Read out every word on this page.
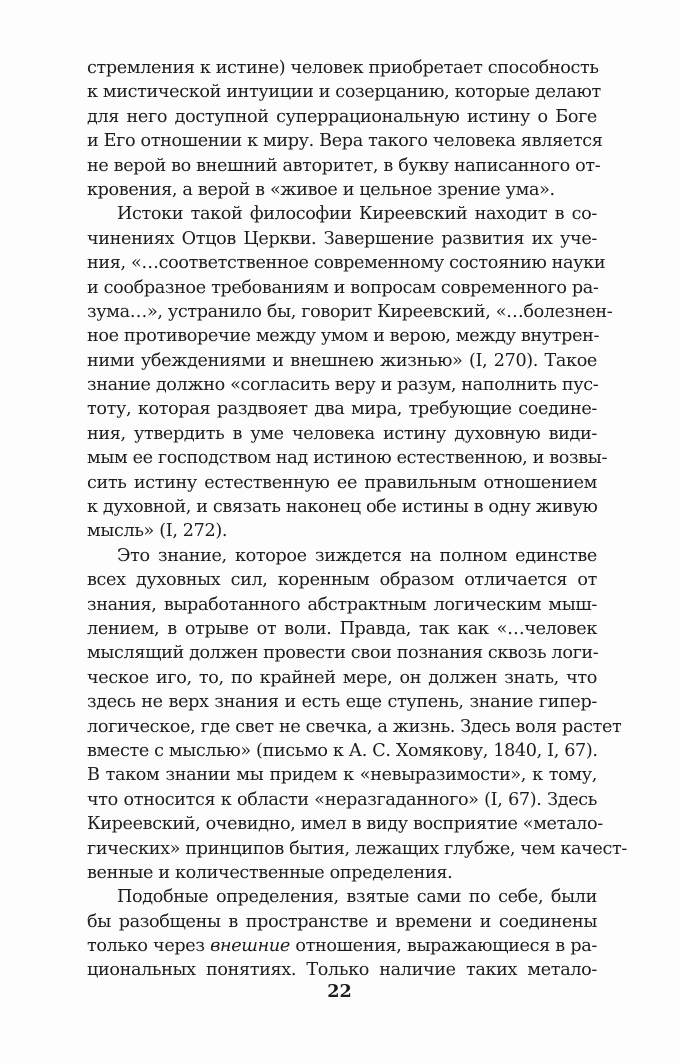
стремления к истине) человек приобретает способность
к мистической интуиции и созерцанию, которые делают
для него доступной суперрациональную истину о Боге
и Его отношении к миру. Вера такого человека является
не верой во внешний авторитет, в букву написанного от-
кровения, а верой в «живое и цельное зрение ума».

Истоки такой философии Киреевский находит в со-
чинениях Отцов Церкви. Завершение развития их уче-
ния, «…соответственное современному состоянию науки
и сообразное требованиям и вопросам современного ра-
зума…», устранило бы, говорит Киреевский, «…болезнен-
ное противоречие между умом и верою, между внутрен-
ними убеждениями и внешнею жизнью» (I, 270). Такое
знание должно «согласить веру и разум, наполнить пус-
тоту, которая раздвояет два мира, требующие соедине-
ния, утвердить в уме человека истину духовную види-
мым ее господством над истиною естественною, и возвы-
сить истину естественную ее правильным отношением
к духовной, и связать наконец обе истины в одну живую
мысль» (I, 272).

Это знание, которое зиждется на полном единстве
всех духовных сил, коренным образом отличается от
знания, выработанного абстрактным логическим мыш-
лением, в отрыве от воли. Правда, так как «…человек
мыслящий должен провести свои познания сквозь логи-
ческое иго, то, по крайней мере, он должен знать, что
здесь не верх знания и есть еще ступень, знание гипер-
логическое, где свет не свечка, а жизнь. Здесь воля растет
вместе с мыслью» (письмо к А. С. Хомякову, 1840, I, 67).
В таком знании мы придем к «невыразимости», к тому,
что относится к области «неразгаданного» (I, 67). Здесь
Киреевский, очевидно, имел в виду восприятие «метало-
гических» принципов бытия, лежащих глубже, чем качест-
венные и количественные определения.

Подобные определения, взятые сами по себе, были
бы разобщены в пространстве и времени и соединены
только через внешние отношения, выражающиеся в ра-
циональных понятиях. Только наличие таких метало-

22
